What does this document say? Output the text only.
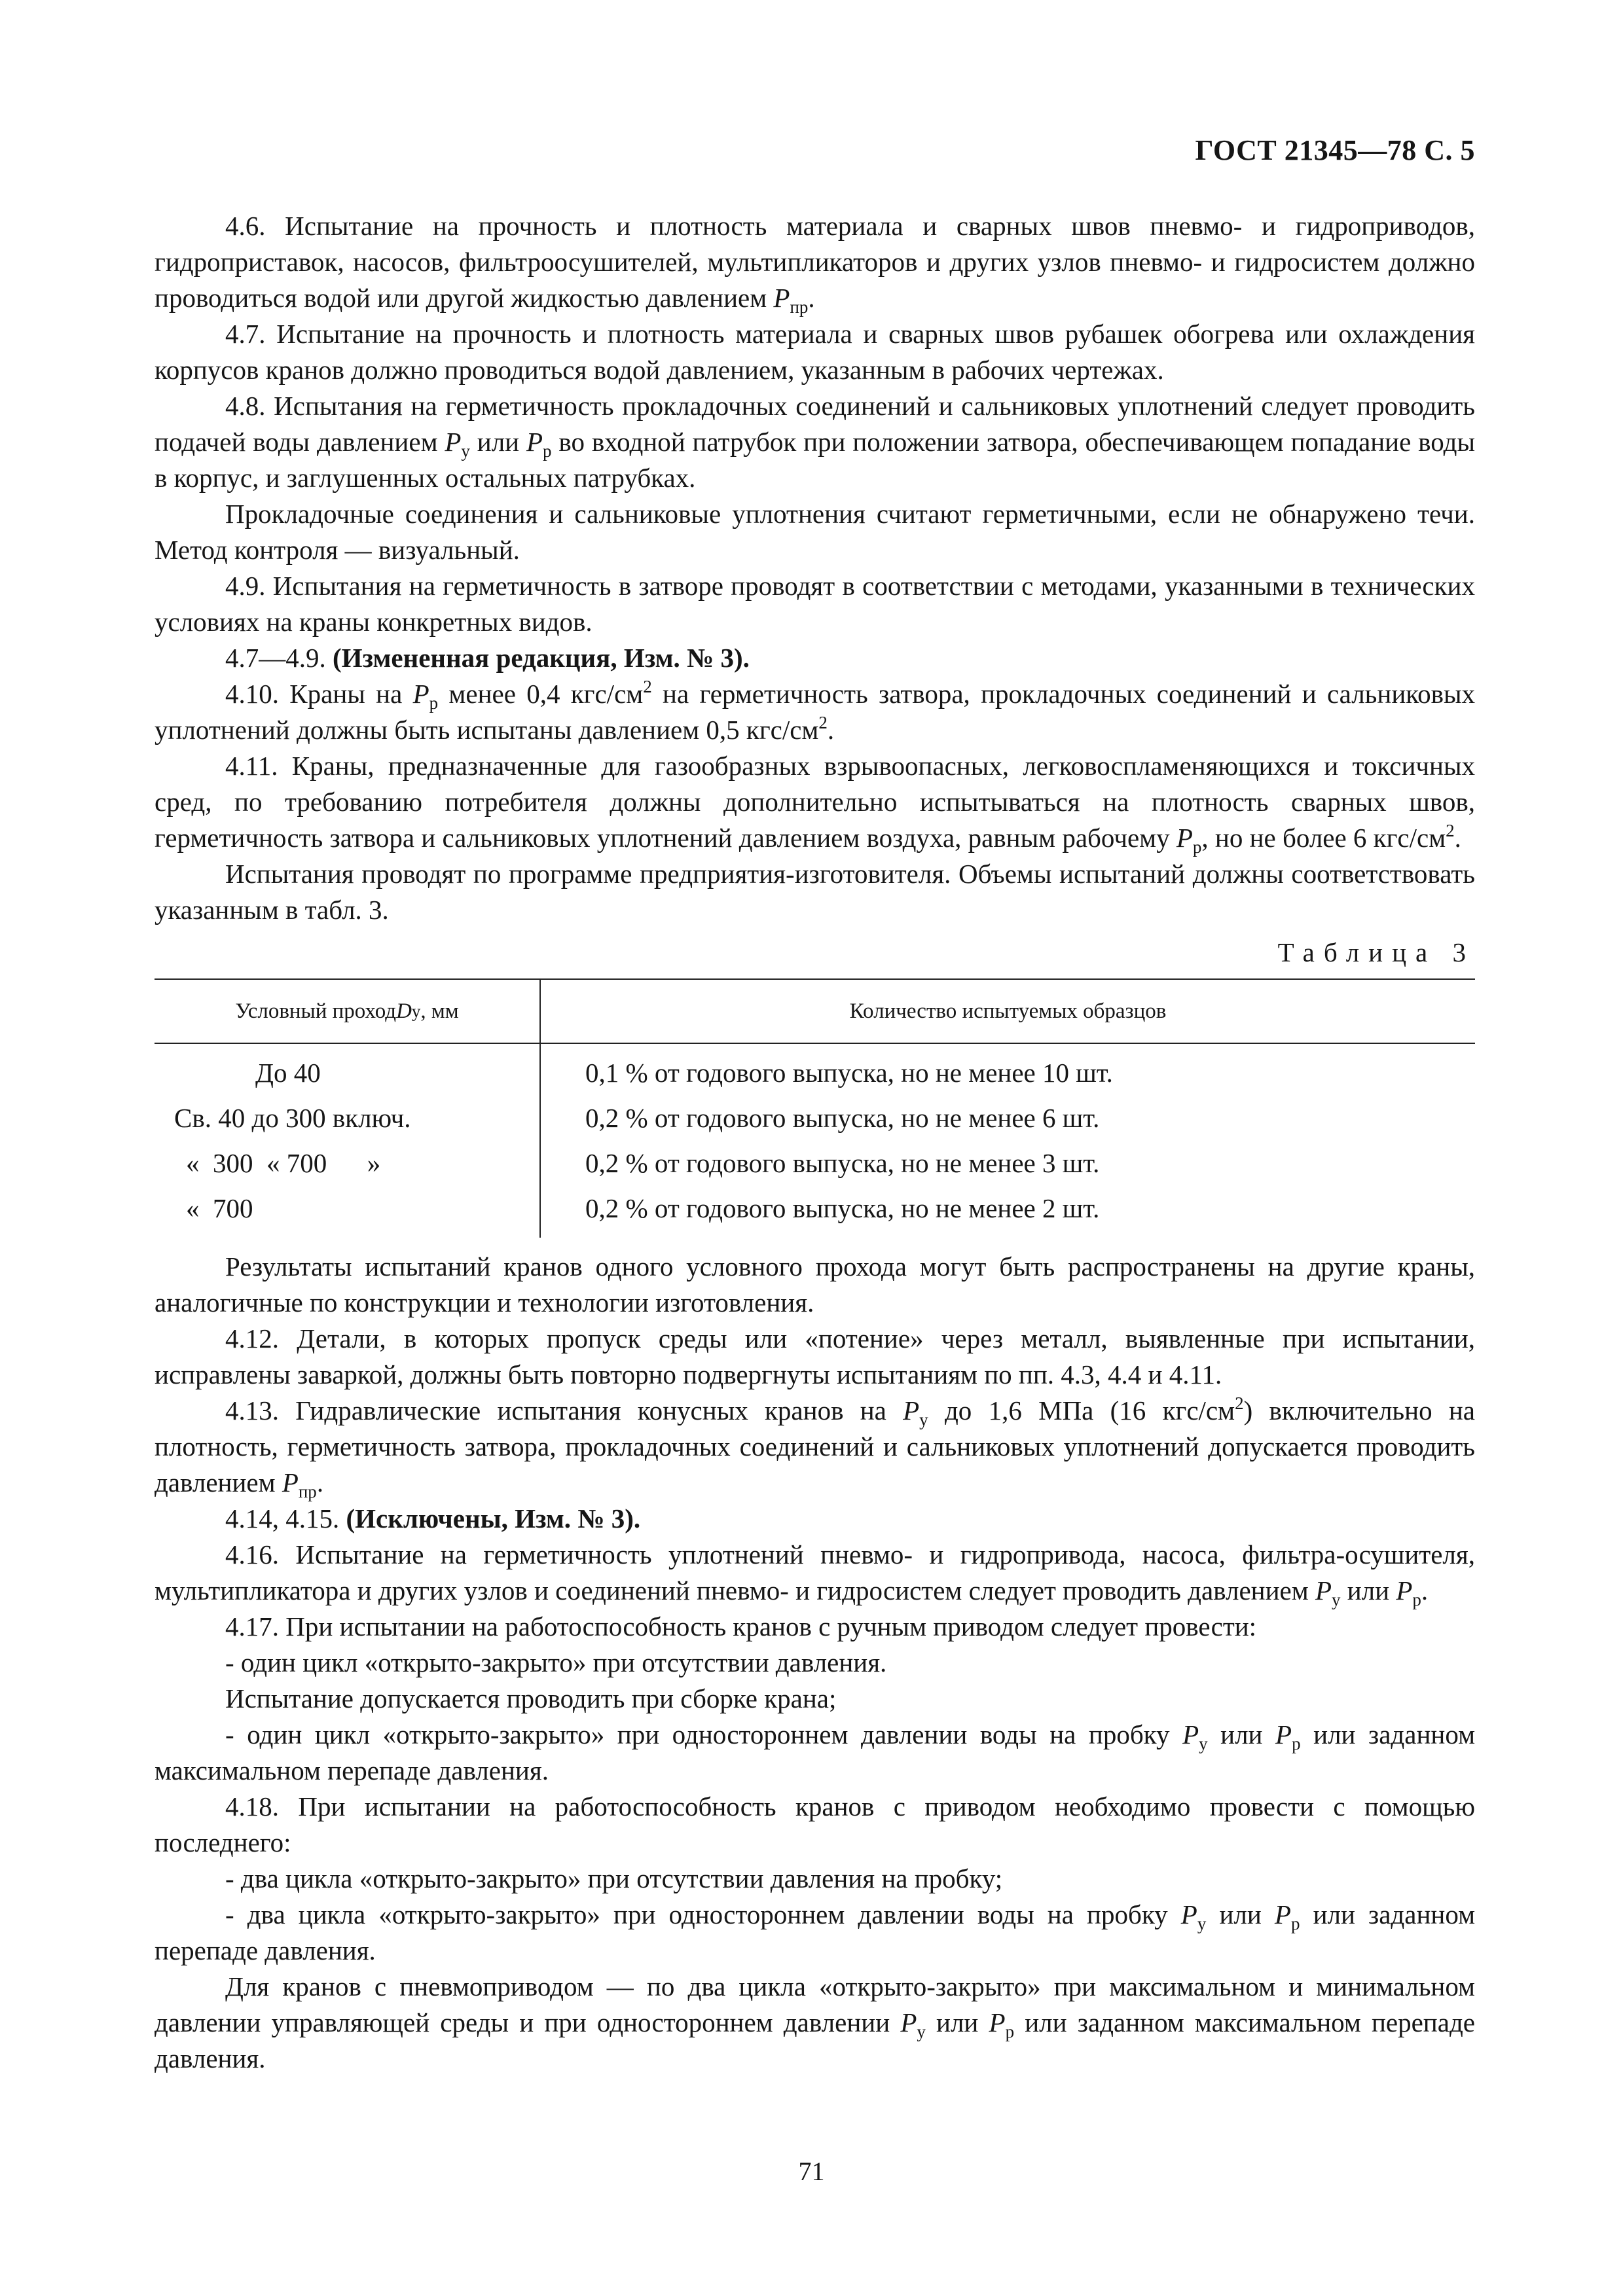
ГОСТ 21345—78 С. 5

4.6. Испытание на прочность и плотность материала и сварных швов пневмо- и гидроприводов, гидроприставок, насосов, фильтроосушителей, мультипликаторов и других узлов пневмо- и гидросистем должно проводиться водой или другой жидкостью давлением $P_{пр}$.

4.7. Испытание на прочность и плотность материала и сварных швов рубашек обогрева или охлаждения корпусов кранов должно проводиться водой давлением, указанным в рабочих чертежах.

4.8. Испытания на герметичность прокладочных соединений и сальниковых уплотнений следует проводить подачей воды давлением $P_у$ или $P_р$ во входной патрубок при положении затвора, обеспечивающем попадание воды в корпус, и заглушенных остальных патрубках.

Прокладочные соединения и сальниковые уплотнения считают герметичными, если не обнаружено течи. Метод контроля — визуальный.

4.9. Испытания на герметичность в затворе проводят в соответствии с методами, указанными в технических условиях на краны конкретных видов.

4.7—4.9. (Измененная редакция, Изм. № 3).

4.10. Краны на $P_р$ менее 0,4 кгс/$см^2$ на герметичность затвора, прокладочных соединений и сальниковых уплотнений должны быть испытаны давлением 0,5 кгс/$см^2$.

4.11. Краны, предназначенные для газообразных взрывоопасных, легковоспламеняющихся и токсичных сред, по требованию потребителя должны дополнительно испытываться на плотность сварных швов, герметичность затвора и сальниковых уплотнений давлением воздуха, равным рабочему $P_р$, но не более 6 кгс/$см^2$.

Испытания проводят по программе предприятия-изготовителя. Объемы испытаний должны соответствовать указанным в табл. 3.

Таблица 3
Условный проход D у , мм	Количество испытуемых образцов
До 40
Св. 40 до 300 включ.
«  300  « 700      »
«  700
0,1 % от годового выпуска, но не менее 10 шт.
0,2 % от годового выпуска, но не менее 6 шт.
0,2 % от годового выпуска, но не менее 3 шт.
0,2 % от годового выпуска, но не менее 2 шт.

Результаты испытаний кранов одного условного прохода могут быть распространены на другие краны, аналогичные по конструкции и технологии изготовления.

4.12. Детали, в которых пропуск среды или «потение» через металл, выявленные при испытании, исправлены заваркой, должны быть повторно подвергнуты испытаниям по пп. 4.3, 4.4 и 4.11.

4.13. Гидравлические испытания конусных кранов на $P_у$ до 1,6 МПа (16 кгс/$см^2$) включительно на плотность, герметичность затвора, прокладочных соединений и сальниковых уплотнений допускается проводить давлением $P_{пр}$.

4.14, 4.15. (Исключены, Изм. № 3).

4.16. Испытание на герметичность уплотнений пневмо- и гидропривода, насоса, фильтра-осушителя, мультипликатора и других узлов и соединений пневмо- и гидросистем следует проводить давлением $P_у$ или $P_р$.

4.17. При испытании на работоспособность кранов с ручным приводом следует провести:

- один цикл «открыто-закрыто» при отсутствии давления.

Испытание допускается проводить при сборке крана;

- один цикл «открыто-закрыто» при одностороннем давлении воды на пробку $P_у$ или $P_р$ или заданном максимальном перепаде давления.

4.18. При испытании на работоспособность кранов с приводом необходимо провести с помощью последнего:

- два цикла «открыто-закрыто» при отсутствии давления на пробку;

- два цикла «открыто-закрыто» при одностороннем давлении воды на пробку $P_у$ или $P_р$ или заданном перепаде давления.

Для кранов с пневмоприводом — по два цикла «открыто-закрыто» при максимальном и минимальном давлении управляющей среды и при одностороннем давлении $P_у$ или $P_р$ или заданном максимальном перепаде давления.

71
